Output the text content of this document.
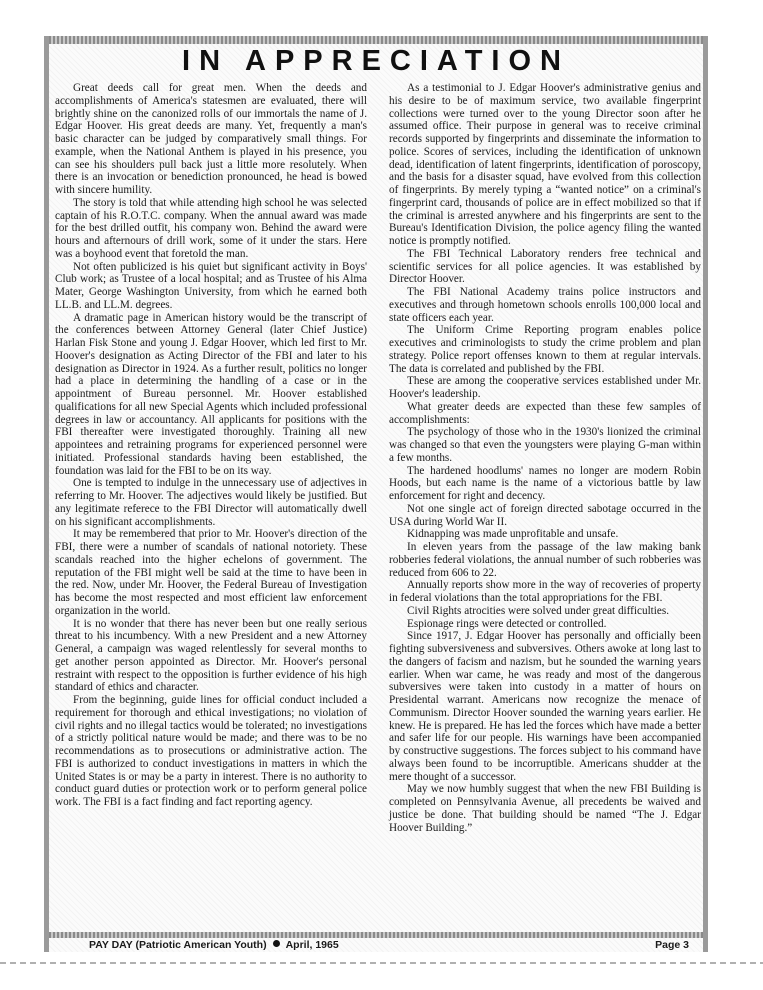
IN APPRECIATION

Great deeds call for great men. When the deeds and accomplishments of America's statesmen are evaluated, there will brightly shine on the canonized rolls of our immortals the name of J. Edgar Hoover. His great deeds are many. Yet, frequently a man's basic character can be judged by comparatively small things. For example, when the National Anthem is played in his presence, you can see his shoulders pull back just a little more resolutely. When there is an invocation or benediction pronounced, he head is bowed with sincere humility.

The story is told that while attending high school he was selected captain of his R.O.T.C. company. When the annual award was made for the best drilled outfit, his company won. Behind the award were hours and afternours of drill work, some of it under the stars. Here was a boyhood event that foretold the man.

Not often publicized is his quiet but significant activity in Boys' Club work; as Trustee of a local hospital; and as Trustee of his Alma Mater, George Washington University, from which he earned both LL.B. and LL.M. degrees.

A dramatic page in American history would be the transcript of the conferences between Attorney General (later Chief Justice) Harlan Fisk Stone and young J. Edgar Hoover, which led first to Mr. Hoover's designation as Acting Director of the FBI and later to his designation as Director in 1924. As a further result, politics no longer had a place in determining the handling of a case or in the appointment of Bureau personnel. Mr. Hoover established qualifications for all new Special Agents which included professional degrees in law or accountancy. All applicants for positions with the FBI thereafter were investigated thoroughly. Training all new appointees and retraining programs for experienced personnel were initiated. Professional standards having been established, the foundation was laid for the FBI to be on its way.

One is tempted to indulge in the unnecessary use of adjectives in referring to Mr. Hoover. The adjectives would likely be justified. But any legitimate referece to the FBI Director will automatically dwell on his significant accomplishments.

It may be remembered that prior to Mr. Hoover's direction of the FBI, there were a number of scandals of national notoriety. These scandals reached into the higher echelons of government. The reputation of the FBI might well be said at the time to have been in the red. Now, under Mr. Hoover, the Federal Bureau of Investigation has become the most respected and most efficient law enforcement organization in the world.

It is no wonder that there has never been but one really serious threat to his incumbency. With a new President and a new Attorney General, a campaign was waged relentlessly for several months to get another person appointed as Director. Mr. Hoover's personal restraint with respect to the opposition is further evidence of his high standard of ethics and character.

From the beginning, guide lines for official conduct included a requirement for thorough and ethical investigations; no violation of civil rights and no illegal tactics would be tolerated; no investigations of a strictly political nature would be made; and there was to be no recommendations as to prosecutions or administrative action. The FBI is authorized to conduct investigations in matters in which the United States is or may be a party in interest. There is no authority to conduct guard duties or protection work or to perform general police work. The FBI is a fact finding and fact reporting agency.

As a testimonial to J. Edgar Hoover's administrative genius and his desire to be of maximum service, two available fingerprint collections were turned over to the young Director soon after he assumed office. Their purpose in general was to receive criminal records supported by fingerprints and disseminate the information to police. Scores of services, including the identification of unknown dead, identification of latent fingerprints, identification of poroscopy, and the basis for a disaster squad, have evolved from this collection of fingerprints. By merely typing a “wanted notice” on a criminal's fingerprint card, thousands of police are in effect mobilized so that if the criminal is arrested anywhere and his fingerprints are sent to the Bureau's Identification Division, the police agency filing the wanted notice is promptly notified.

The FBI Technical Laboratory renders free technical and scientific services for all police agencies. It was established by Director Hoover.

The FBI National Academy trains police instructors and executives and through hometown schools enrolls 100,000 local and state officers each year.

The Uniform Crime Reporting program enables police executives and criminologists to study the crime problem and plan strategy. Police report offenses known to them at regular intervals. The data is correlated and published by the FBI.

These are among the cooperative services established under Mr. Hoover's leadership.

What greater deeds are expected than these few samples of accomplishments:

The psychology of those who in the 1930's lionized the criminal was changed so that even the youngsters were playing G-man within a few months.

The hardened hoodlums' names no longer are modern Robin Hoods, but each name is the name of a victorious battle by law enforcement for right and decency.

Not one single act of foreign directed sabotage occurred in the USA during World War II.

Kidnapping was made unprofitable and unsafe.

In eleven years from the passage of the law making bank robberies federal violations, the annual number of such robberies was reduced from 606 to 22.

Annually reports show more in the way of recoveries of property in federal violations than the total appropriations for the FBI.

Civil Rights atrocities were solved under great difficulties.

Espionage rings were detected or controlled.

Since 1917, J. Edgar Hoover has personally and officially been fighting subversiveness and subversives. Others awoke at long last to the dangers of facism and nazism, but he sounded the warning years earlier. When war came, he was ready and most of the dangerous subversives were taken into custody in a matter of hours on Presidental warrant. Americans now recognize the menace of Communism. Director Hoover sounded the warning years earlier. He knew. He is prepared. He has led the forces which have made a better and safer life for our people. His warnings have been accompanied by constructive suggestions. The forces subject to his command have always been found to be incorruptible. Americans shudder at the mere thought of a successor.

May we now humbly suggest that when the new FBI Building is completed on Pennsylvania Avenue, all precedents be waived and justice be done. That building should be named “The J. Edgar Hoover Building.”

PAY DAY (Patriotic American Youth) April, 1965	Page 3
